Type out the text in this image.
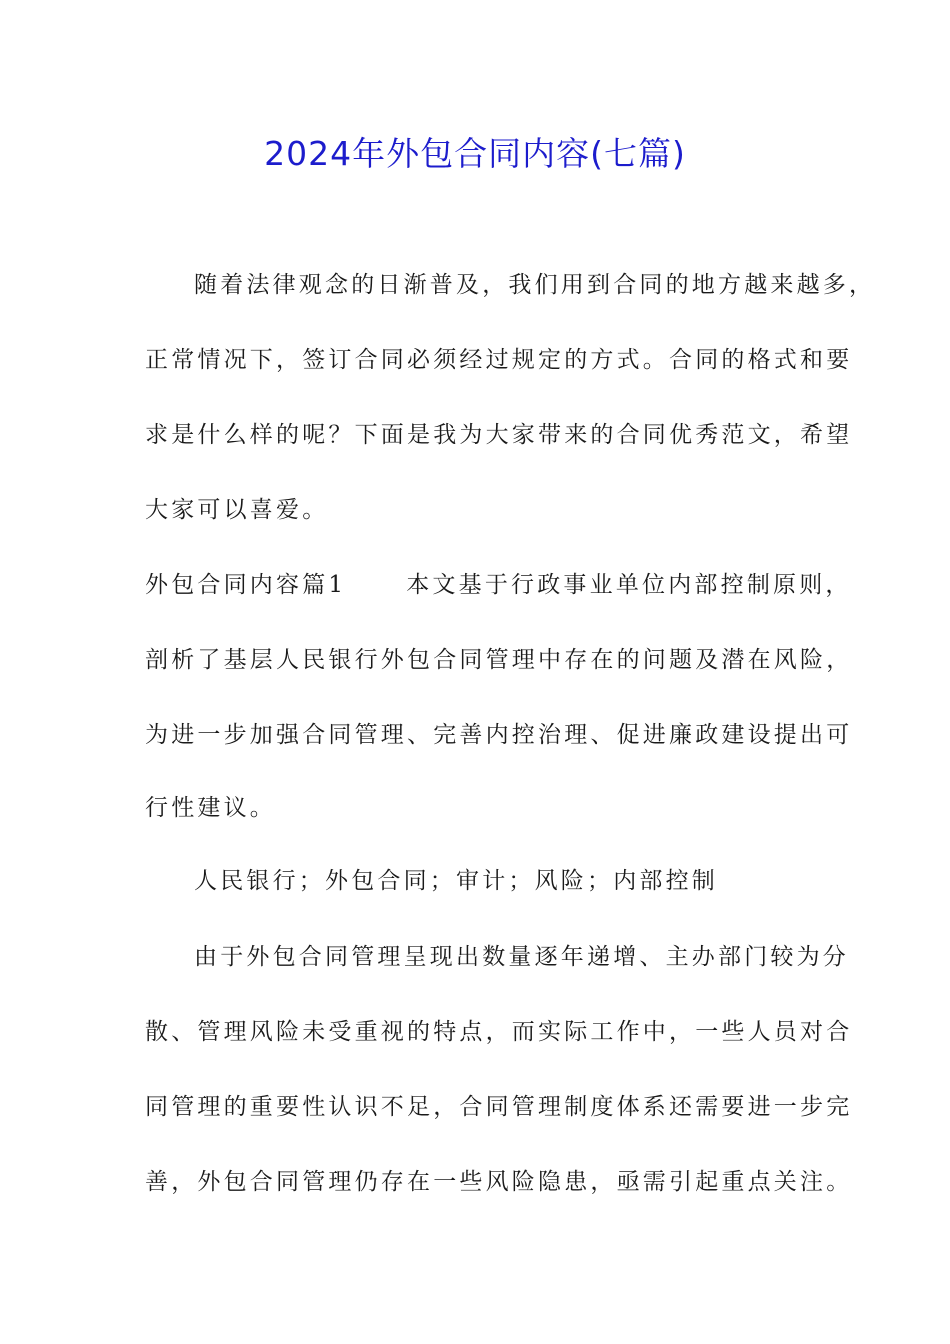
2024年外包合同内容(七篇)
随着法律观念的日渐普及，我们用到合同的地方越来越多，
正常情况下，签订合同必须经过规定的方式。合同的格式和要
求是什么样的呢？下面是我为大家带来的合同优秀范文，希望
大家可以喜爱。
外包合同内容篇1	本文基于行政事业单位内部控制原则，
剖析了基层人民银行外包合同管理中存在的问题及潜在风险，
为进一步加强合同管理、完善内控治理、促进廉政建设提出可
行性建议。
人民银行；外包合同；审计；风险；内部控制
由于外包合同管理呈现出数量逐年递增、主办部门较为分
散、管理风险未受重视的特点，而实际工作中，一些人员对合
同管理的重要性认识不足，合同管理制度体系还需要进一步完
善，外包合同管理仍存在一些风险隐患，亟需引起重点关注。
